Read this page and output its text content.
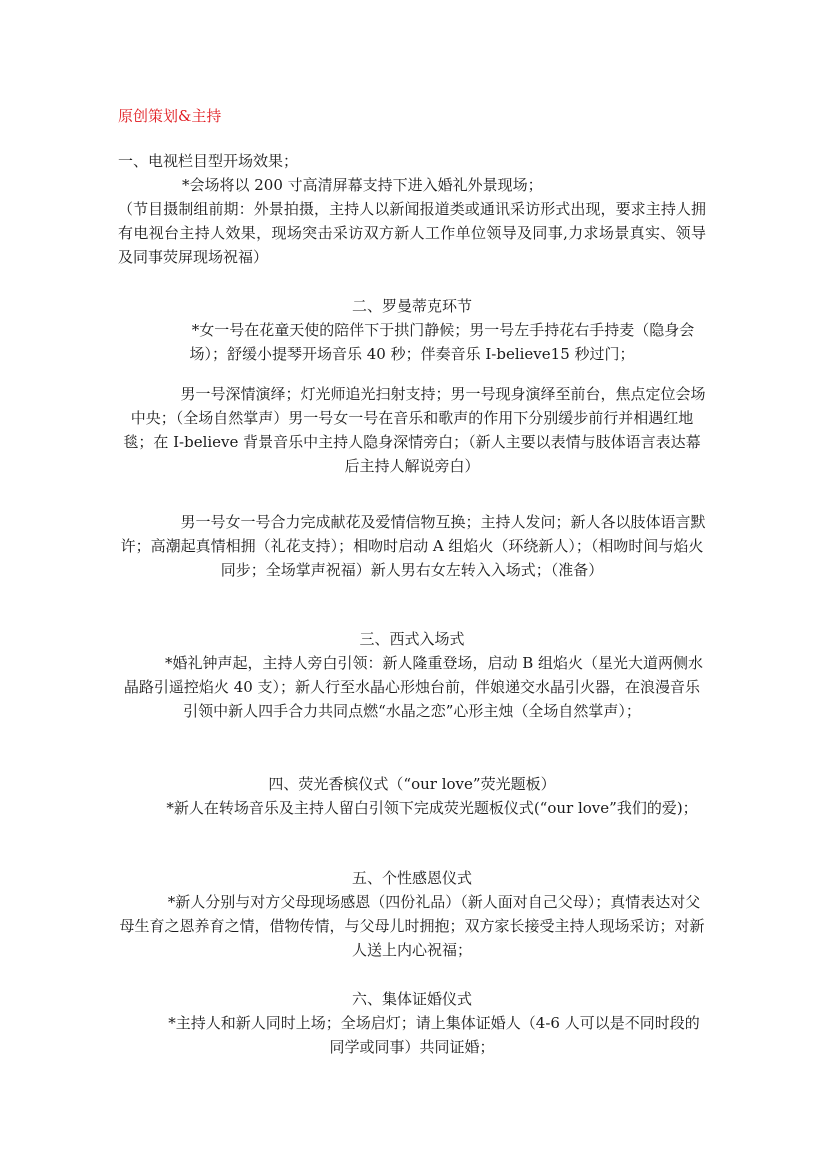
原创策划&主持

一、电视栏目型开场效果；

*会场将以 200 寸高清屏幕支持下进入婚礼外景现场；

（节目摄制组前期：外景拍摄，主持人以新闻报道类或通讯采访形式出现，要求主持人拥有电视台主持人效果，现场突击采访双方新人工作单位领导及同事,力求场景真实、领导及同事荧屏现场祝福）

二、罗曼蒂克环节

*女一号在花童天使的陪伴下于拱门静候；男一号左手持花右手持麦（隐身会场）；舒缓小提琴开场音乐 40 秒；伴奏音乐 I-believe15 秒过门；

男一号深情演绎；灯光师追光扫射支持；男一号现身演绎至前台，焦点定位会场中央；（全场自然掌声）男一号女一号在音乐和歌声的作用下分别缓步前行并相遇红地毯；在 I-believe 背景音乐中主持人隐身深情旁白；（新人主要以表情与肢体语言表达幕后主持人解说旁白）

男一号女一号合力完成献花及爱情信物互换；主持人发问；新人各以肢体语言默许；高潮起真情相拥（礼花支持）；相吻时启动 A 组焰火（环绕新人）；（相吻时间与焰火同步；全场掌声祝福）新人男右女左转入入场式；（准备）

三、西式入场式

*婚礼钟声起，主持人旁白引领：新人隆重登场，启动 B 组焰火（星光大道两侧水晶路引遥控焰火 40 支）；新人行至水晶心形烛台前，伴娘递交水晶引火器，在浪漫音乐引领中新人四手合力共同点燃“水晶之恋”心形主烛（全场自然掌声）；

四、荧光香槟仪式（“our love”荧光题板）

*新人在转场音乐及主持人留白引领下完成荧光题板仪式(“our love”我们的爱)；

五、个性感恩仪式

*新人分别与对方父母现场感恩（四份礼品）（新人面对自己父母）；真情表达对父母生育之恩养育之情，借物传情，与父母儿时拥抱；双方家长接受主持人现场采访；对新人送上内心祝福；

六、集体证婚仪式

*主持人和新人同时上场；全场启灯；请上集体证婚人（4-6 人可以是不同时段的同学或同事）共同证婚；
